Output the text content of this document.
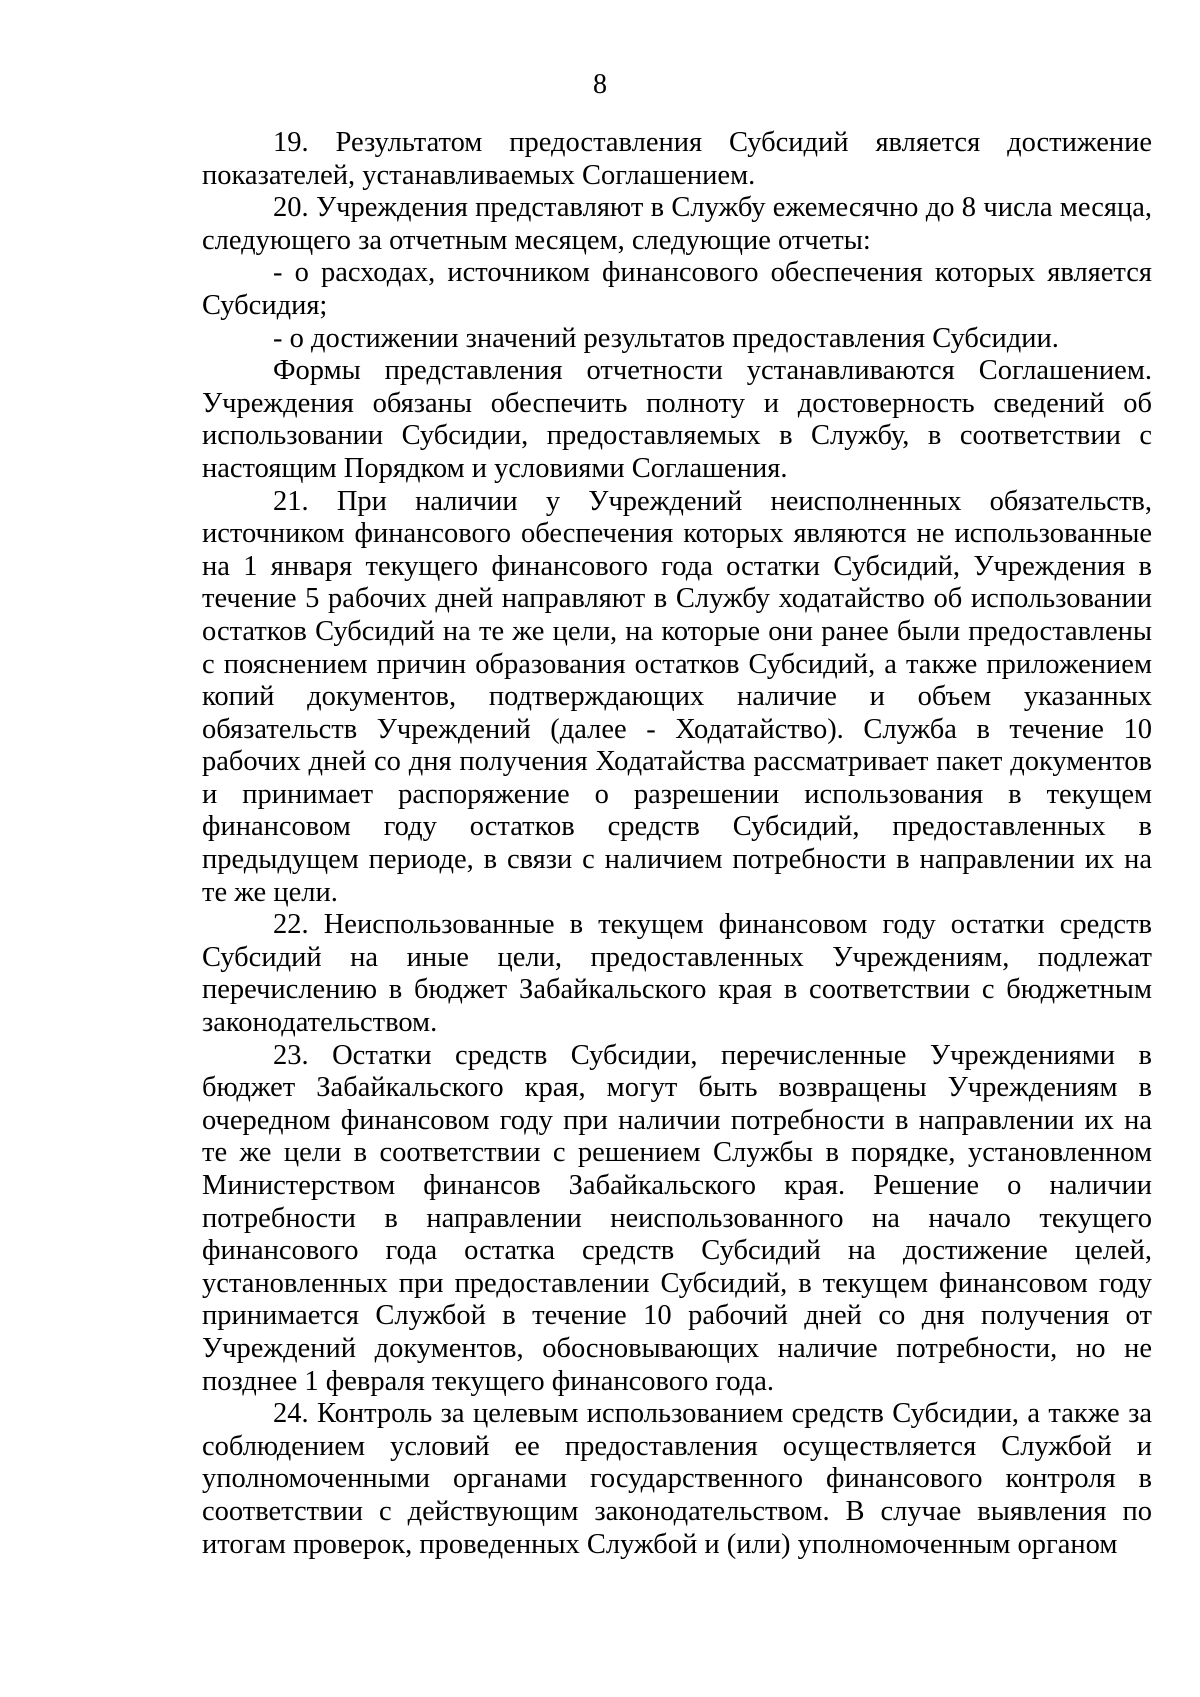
8

19. Результатом предоставления Субсидий является достижение показателей, устанавливаемых Соглашением.

20. Учреждения представляют в Службу ежемесячно до 8 числа месяца, следующего за отчетным месяцем, следующие отчеты:

- о расходах, источником финансового обеспечения которых является Субсидия;

- о достижении значений результатов предоставления Субсидии.

Формы представления отчетности устанавливаются Соглашением. Учреждения обязаны обеспечить полноту и достоверность сведений об использовании Субсидии, предоставляемых в Службу, в соответствии с настоящим Порядком и условиями Соглашения.

21. При наличии у Учреждений неисполненных обязательств, источником финансового обеспечения которых являются не использованные на 1 января текущего финансового года остатки Субсидий, Учреждения в течение 5 рабочих дней направляют в Службу ходатайство об использовании остатков Субсидий на те же цели, на которые они ранее были предоставлены с пояснением причин образования остатков Субсидий, а также приложением копий документов, подтверждающих наличие и объем указанных обязательств Учреждений (далее - Ходатайство). Служба в течение 10 рабочих дней со дня получения Ходатайства рассматривает пакет документов и принимает распоряжение о разрешении использования в текущем финансовом году остатков средств Субсидий, предоставленных в предыдущем периоде, в связи с наличием потребности в направлении их на те же цели.

22. Неиспользованные в текущем финансовом году остатки средств Субсидий на иные цели, предоставленных Учреждениям, подлежат перечислению в бюджет Забайкальского края в соответствии с бюджетным законодательством.

23. Остатки средств Субсидии, перечисленные Учреждениями в бюджет Забайкальского края, могут быть возвращены Учреждениям в очередном финансовом году при наличии потребности в направлении их на те же цели в соответствии с решением Службы в порядке, установленном Министерством финансов Забайкальского края. Решение о наличии потребности в направлении неиспользованного на начало текущего финансового года остатка средств Субсидий на достижение целей, установленных при предоставлении Субсидий, в текущем финансовом году принимается Службой в течение 10 рабочий дней со дня получения от Учреждений документов, обосновывающих наличие потребности, но не позднее 1 февраля текущего финансового года.

24. Контроль за целевым использованием средств Субсидии, а также за соблюдением условий ее предоставления осуществляется Службой и уполномоченными органами государственного финансового контроля в соответствии с действующим законодательством. В случае выявления по итогам проверок, проведенных Службой и (или) уполномоченным органом
